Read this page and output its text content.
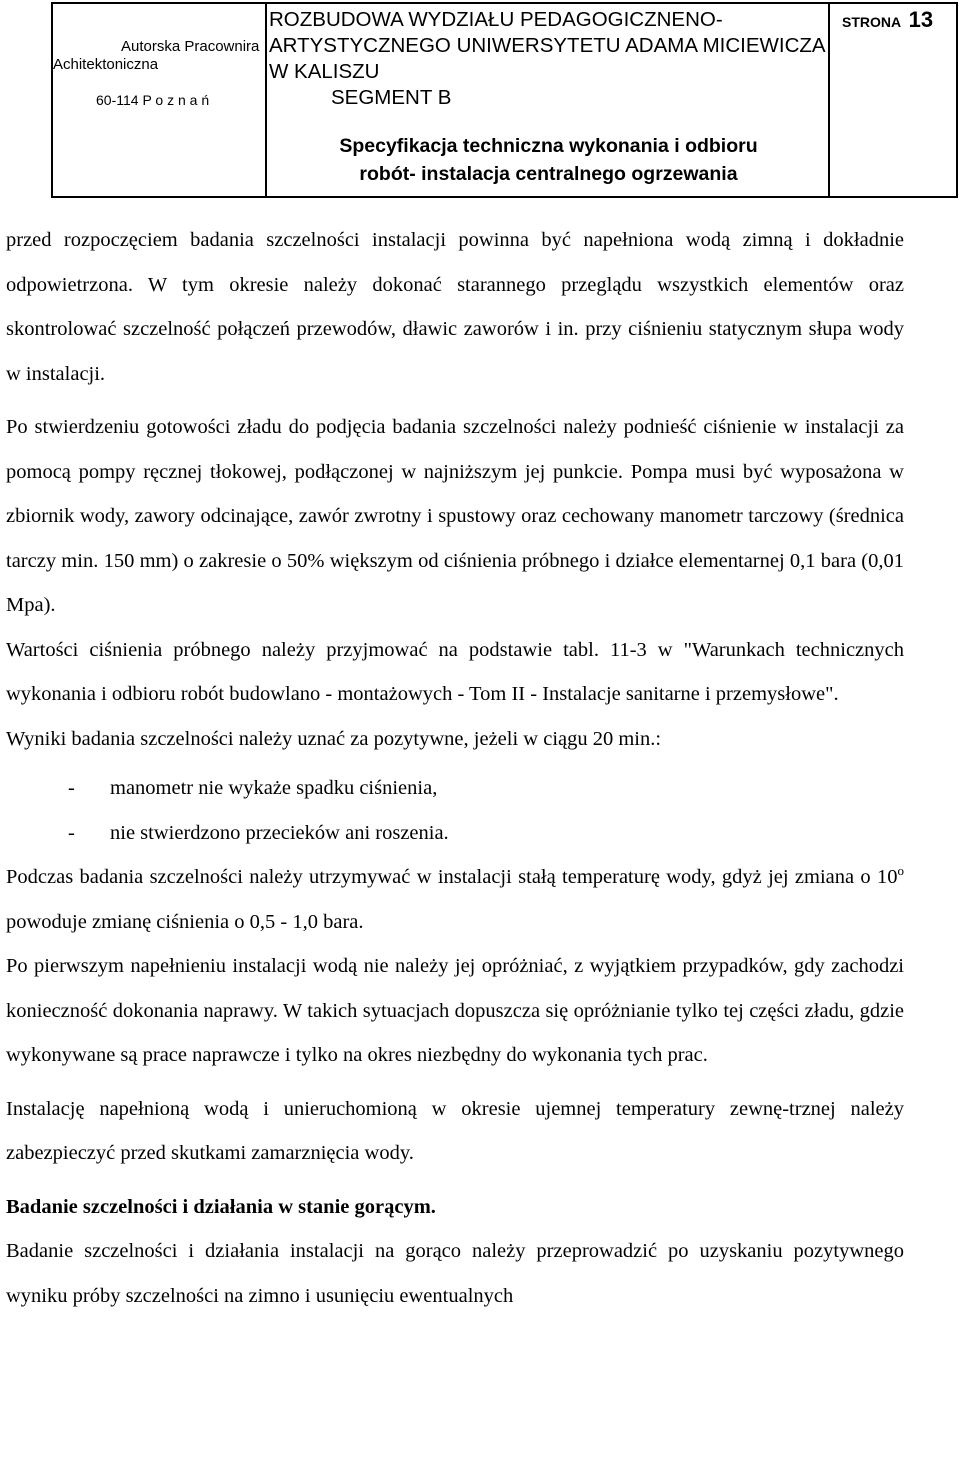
Autorska Pracownira
Achitektoniczna
60-114 P o z n a ń
ROZBUDOWA WYDZIAŁU PEDAGOGICZNENO-
ARTYSTYCZNEGO UNIWERSYTETU ADAMA MICIEWICZA
W KALISZU
SEGMENT B
Specyfikacja techniczna wykonania i odbioru
robót- instalacja centralnego ogrzewania
STRONA 13

przed rozpoczęciem badania szczelności instalacji powinna być napełniona wodą zimną i dokładnie odpowietrzona. W tym okresie należy dokonać starannego przeglądu wszystkich elementów oraz skontrolować szczelność połączeń przewodów, dławic zaworów i in. przy ciśnieniu statycznym słupa wody w instalacji.

Po stwierdzeniu gotowości zładu do podjęcia badania szczelności należy podnieść ciśnienie w instalacji za pomocą pompy ręcznej tłokowej, podłączonej w najniższym jej punkcie. Pompa musi być wyposażona w zbiornik wody, zawory odcinające, zawór zwrotny i spustowy oraz cechowany manometr tarczowy (średnica tarczy min. 150 mm) o zakresie o 50% większym od ciśnienia próbnego i działce elementarnej 0,1 bara (0,01 Mpa).

Wartości ciśnienia próbnego należy przyjmować na podstawie tabl. 11-3 w "Warunkach technicznych wykonania i odbioru robót budowlano - montażowych - Tom II - Instalacje sanitarne i przemysłowe".

Wyniki badania szczelności należy uznać za pozytywne, jeżeli w ciągu 20 min.:

- manometr nie wykaże spadku ciśnienia,
- nie stwierdzono przecieków ani roszenia.

Podczas badania szczelności należy utrzymywać w instalacji stałą temperaturę wody, gdyż jej zmiana o 10$^o$ powoduje zmianę ciśnienia o 0,5 - 1,0 bara.

Po pierwszym napełnieniu instalacji wodą nie należy jej opróżniać, z wyjątkiem przypadków, gdy zachodzi konieczność dokonania naprawy. W takich sytuacjach dopuszcza się opróżnianie tylko tej części zładu, gdzie wykonywane są prace naprawcze i tylko na okres niezbędny do wykonania tych prac.

Instalację napełnioną wodą i unieruchomioną w okresie ujemnej temperatury zewnę-trznej należy zabezpieczyć przed skutkami zamarznięcia wody.

Badanie szczelności i działania w stanie gorącym.

Badanie szczelności i działania instalacji na gorąco należy przeprowadzić po uzyskaniu pozytywnego wyniku próby szczelności na zimno i usunięciu ewentualnych
